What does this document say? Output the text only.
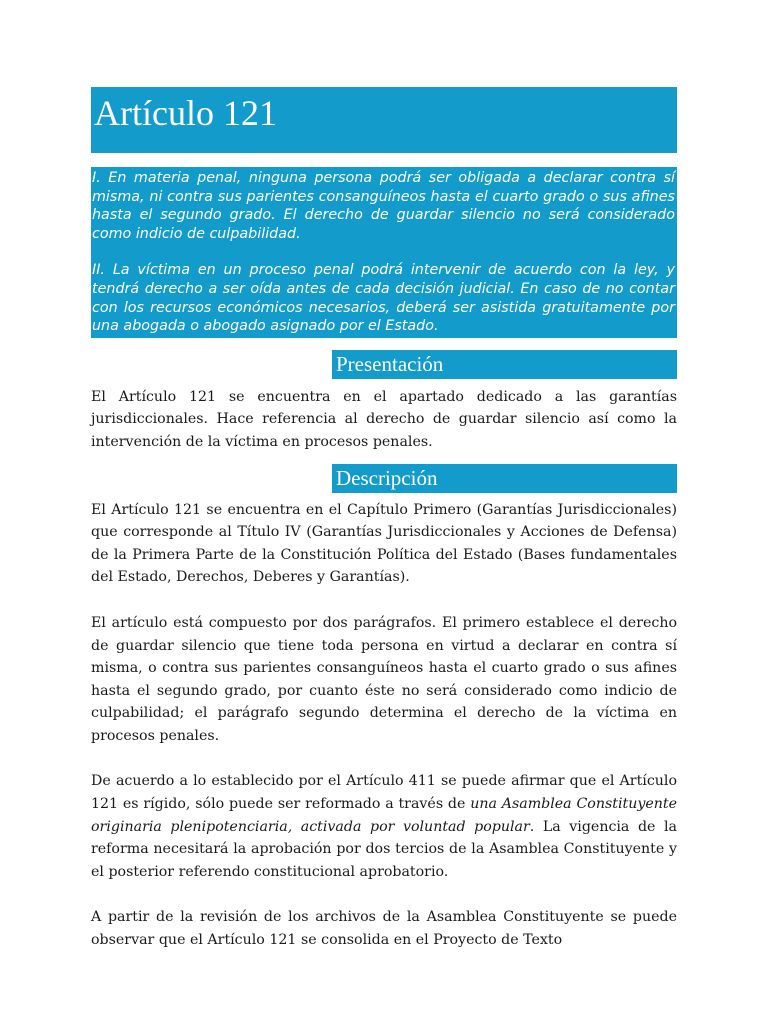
Artículo 121

I. En materia penal, ninguna persona podrá ser obligada a declarar contra sí misma, ni contra sus parientes consanguíneos hasta el cuarto grado o sus afines hasta el segundo grado. El derecho de guardar silencio no será considerado como indicio de culpabilidad.

II. La víctima en un proceso penal podrá intervenir de acuerdo con la ley, y tendrá derecho a ser oída antes de cada decisión judicial. En caso de no contar con los recursos económicos necesarios, deberá ser asistida gratuitamente por una abogada o abogado asignado por el Estado.

Presentación

El Artículo 121 se encuentra en el apartado dedicado a las garantías jurisdiccionales. Hace referencia al derecho de guardar silencio así como la intervención de la víctima en procesos penales.

Descripción

El Artículo 121 se encuentra en el Capítulo Primero (Garantías Jurisdiccionales) que corresponde al Título IV (Garantías Jurisdiccionales y Acciones de Defensa) de la Primera Parte de la Constitución Política del Estado (Bases fundamentales del Estado, Derechos, Deberes y Garantías).

El artículo está compuesto por dos parágrafos. El primero establece el derecho de guardar silencio que tiene toda persona en virtud a declarar en contra sí misma, o contra sus parientes consanguíneos hasta el cuarto grado o sus afines hasta el segundo grado, por cuanto éste no será considerado como indicio de culpabilidad; el parágrafo segundo determina el derecho de la víctima en procesos penales.

De acuerdo a lo establecido por el Artículo 411 se puede afirmar que el Artículo 121 es rígido, sólo puede ser reformado a través de una Asamblea Constituyente originaria plenipotenciaria, activada por voluntad popular. La vigencia de la reforma necesitará la aprobación por dos tercios de la Asamblea Constituyente y el posterior referendo constitucional aprobatorio.

A partir de la revisión de los archivos de la Asamblea Constituyente se puede observar que el Artículo 121 se consolida en el Proyecto de Texto
